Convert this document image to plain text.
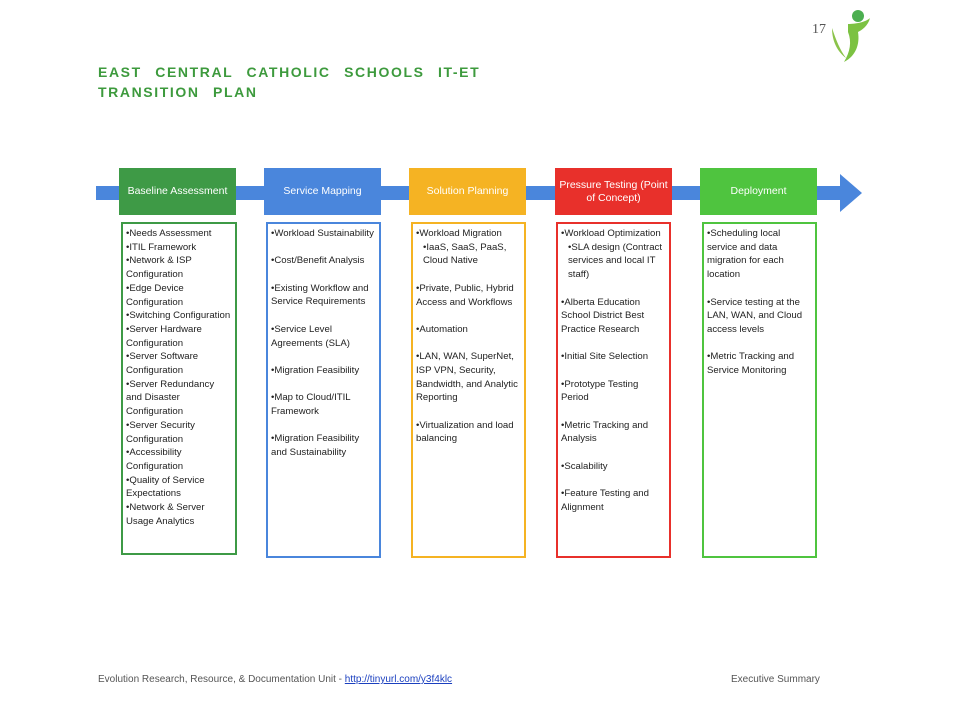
17
EAST CENTRAL CATHOLIC SCHOOLS IT-ET
TRANSITION PLAN
Baseline Assessment
•Needs Assessment
•ITIL Framework
•Network & ISP Configuration
•Edge Device Configuration
•Switching Configuration
•Server Hardware Configuration
•Server Software Configuration
•Server Redundancy and Disaster Configuration
•Server Security Configuration
•Accessibility Configuration
•Quality of Service Expectations
•Network & Server Usage Analytics
Service Mapping
•Workload Sustainability
•Cost/Benefit Analysis
•Existing Workflow and Service Requirements
•Service Level Agreements (SLA)
•Migration Feasibility
•Map to Cloud/ITIL Framework
•Migration Feasibility and Sustainability
Solution Planning
•Workload Migration
•IaaS, SaaS, PaaS, Cloud Native
•Private, Public, Hybrid Access and Workflows
•Automation
•LAN, WAN, SuperNet, ISP VPN, Security, Bandwidth, and Analytic Reporting
•Virtualization and load balancing
Pressure Testing (Point of Concept)
•Workload Optimization
•SLA design (Contract services and local IT staff)
•Alberta Education School District Best Practice Research
•Initial Site Selection
•Prototype Testing Period
•Metric Tracking and Analysis
•Scalability
•Feature Testing and Alignment
Deployment
•Scheduling local service and data migration for each location
•Service testing at the LAN, WAN, and Cloud access levels
•Metric Tracking and Service Monitoring
Evolution Research, Resource, & Documentation Unit - http://tinyurl.com/y3f4klc	Executive Summary
